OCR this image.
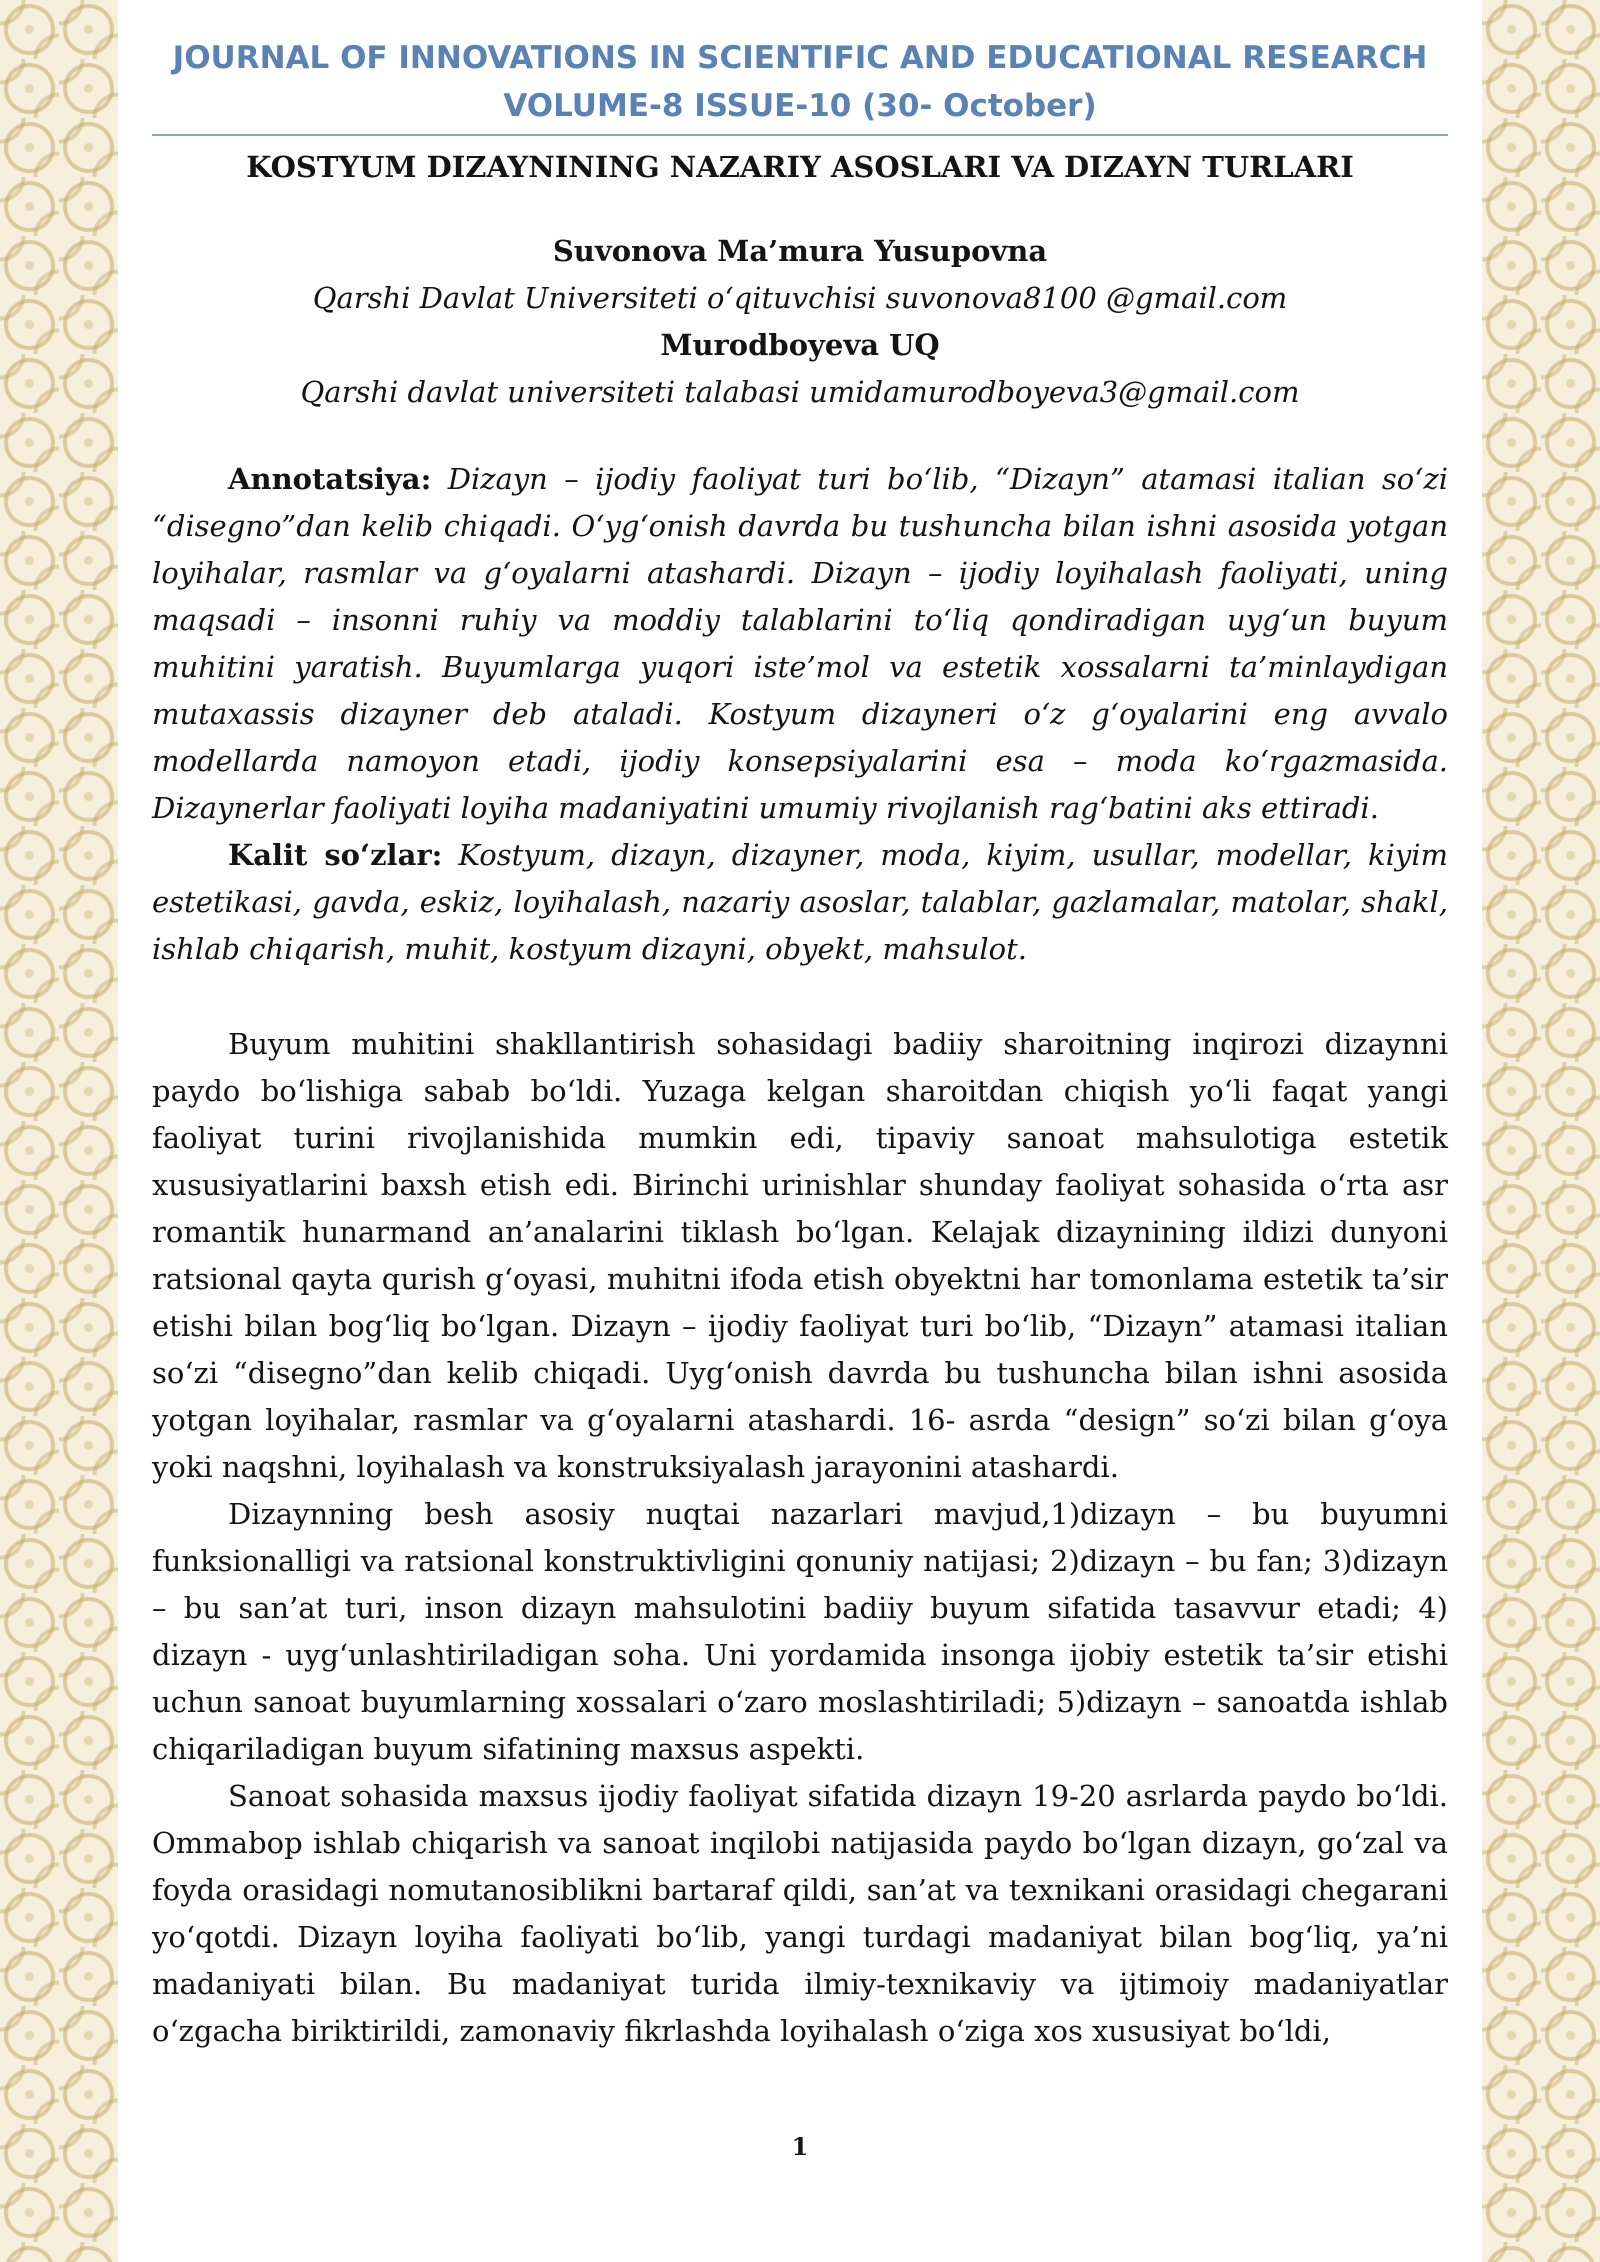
JOURNAL OF INNOVATIONS IN SCIENTIFIC AND EDUCATIONAL RESEARCH
VOLUME-8 ISSUE-10 (30- October)
KOSTYUM DIZAYNINING NAZARIY ASOSLARI VA DIZAYN TURLARI
Suvonova Ma’mura Yusupovna
Qarshi Davlat Universiteti o‘qituvchisi suvonova8100 @gmail.com
Murodboyeva UQ
Qarshi davlat universiteti talabasi umidamurodboyeva3@gmail.com

Annotatsiya: Dizayn – ijodiy faoliyat turi bo‘lib, “Dizayn” atamasi italian so‘zi “disegno”dan kelib chiqadi. O‘yg‘onish davrda bu tushuncha bilan ishni asosida yotgan loyihalar, rasmlar va g‘oyalarni atashardi. Dizayn – ijodiy loyihalash faoliyati, uning maqsadi – insonni ruhiy va moddiy talablarini to‘liq qondiradigan uyg‘un buyum muhitini yaratish. Buyumlarga yuqori iste’mol va estetik xossalarni ta’minlaydigan mutaxassis dizayner deb ataladi. Kostyum dizayneri o‘z g‘oyalarini eng avvalo modellarda namoyon etadi, ijodiy konsepsiyalarini esa – moda ko‘rgazmasida. Dizaynerlar faoliyati loyiha madaniyatini umumiy rivojlanish rag‘batini aks ettiradi.

Kalit so‘zlar: Kostyum, dizayn, dizayner, moda, kiyim, usullar, modellar, kiyim estetikasi, gavda, eskiz, loyihalash, nazariy asoslar, talablar, gazlamalar, matolar, shakl, ishlab chiqarish, muhit, kostyum dizayni, obyekt, mahsulot.

Buyum muhitini shakllantirish sohasidagi badiiy sharoitning inqirozi dizaynni paydo bo‘lishiga sabab bo‘ldi. Yuzaga kelgan sharoitdan chiqish yo‘li faqat yangi faoliyat turini rivojlanishida mumkin edi, tipaviy sanoat mahsulotiga estetik xususiyatlarini baxsh etish edi. Birinchi urinishlar shunday faoliyat sohasida o‘rta asr romantik hunarmand an’analarini tiklash bo‘lgan. Kelajak dizaynining ildizi dunyoni ratsional qayta qurish g‘oyasi, muhitni ifoda etish obyektni har tomonlama estetik ta’sir etishi bilan bog‘liq bo‘lgan. Dizayn – ijodiy faoliyat turi bo‘lib, “Dizayn” atamasi italian so‘zi “disegno”dan kelib chiqadi. Uyg‘onish davrda bu tushuncha bilan ishni asosida yotgan loyihalar, rasmlar va g‘oyalarni atashardi. 16- asrda “design” so‘zi bilan g‘oya yoki naqshni, loyihalash va konstruksiyalash jarayonini atashardi.

Dizaynning besh asosiy nuqtai nazarlari mavjud,1)dizayn – bu buyumni funksionalligi va ratsional konstruktivligini qonuniy natijasi; 2)dizayn – bu fan; 3)dizayn – bu san’at turi, inson dizayn mahsulotini badiiy buyum sifatida tasavvur etadi; 4) dizayn - uyg‘unlashtiriladigan soha. Uni yordamida insonga ijobiy estetik ta’sir etishi uchun sanoat buyumlarning xossalari o‘zaro moslashtiriladi; 5)dizayn – sanoatda ishlab chiqariladigan buyum sifatining maxsus aspekti.

Sanoat sohasida maxsus ijodiy faoliyat sifatida dizayn 19-20 asrlarda paydo bo‘ldi. Ommabop ishlab chiqarish va sanoat inqilobi natijasida paydo bo‘lgan dizayn, go‘zal va foyda orasidagi nomutanosiblikni bartaraf qildi, san’at va texnikani orasidagi chegarani yo‘qotdi. Dizayn loyiha faoliyati bo‘lib, yangi turdagi madaniyat bilan bog‘liq, ya’ni madaniyati bilan. Bu madaniyat turida ilmiy-texnikaviy va ijtimoiy madaniyatlar o‘zgacha biriktirildi, zamonaviy fikrlashda loyihalash o‘ziga xos xususiyat bo‘ldi,

1
